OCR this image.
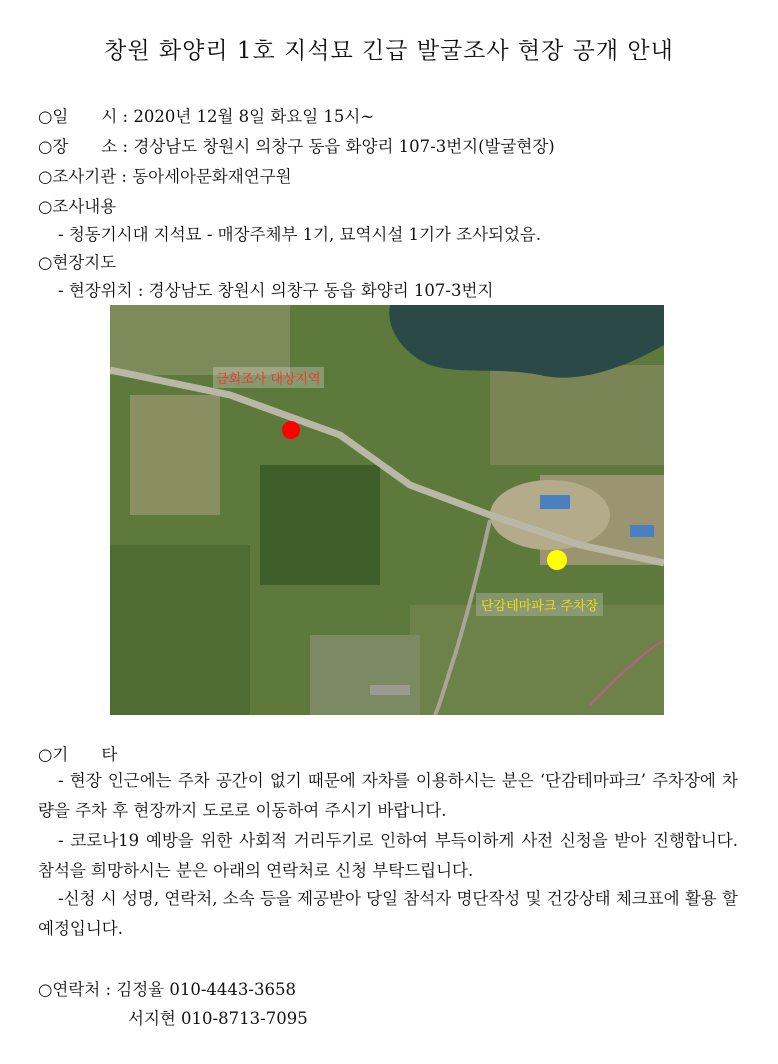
창원 화양리 1호 지석묘 긴급 발굴조사 현장 공개 안내
○일　　시 : 2020년 12월 8일 화요일 15시~
○장　　소 : 경상남도 창원시 의창구 동읍 화양리 107-3번지(발굴현장)
○조사기관 : 동아세아문화재연구원
○조사내용
- 청동기시대 지석묘 - 매장주체부 1기, 묘역시설 1기가 조사되었음.
○현장지도
- 현장위치 : 경상남도 창원시 의창구 동읍 화양리 107-3번지
금회조사 대상지역
단감테마파크 주차장
○기　　타
- 현장 인근에는 주차 공간이 없기 때문에 자차를 이용하시는 분은 ‘단감테마파크’ 주차장에 차량을 주차 후 현장까지 도로로 이동하여 주시기 바랍니다.
- 코로나19 예방을 위한 사회적 거리두기로 인하여 부득이하게 사전 신청을 받아 진행합니다. 참석을 희망하시는 분은 아래의 연락처로 신청 부탁드립니다.
-신청 시 성명, 연락처, 소속 등을 제공받아 당일 참석자 명단작성 및 건강상태 체크표에 활용 할 예정입니다.
○연락처 : 김정율 010-4443-3658
서지현 010-8713-7095
